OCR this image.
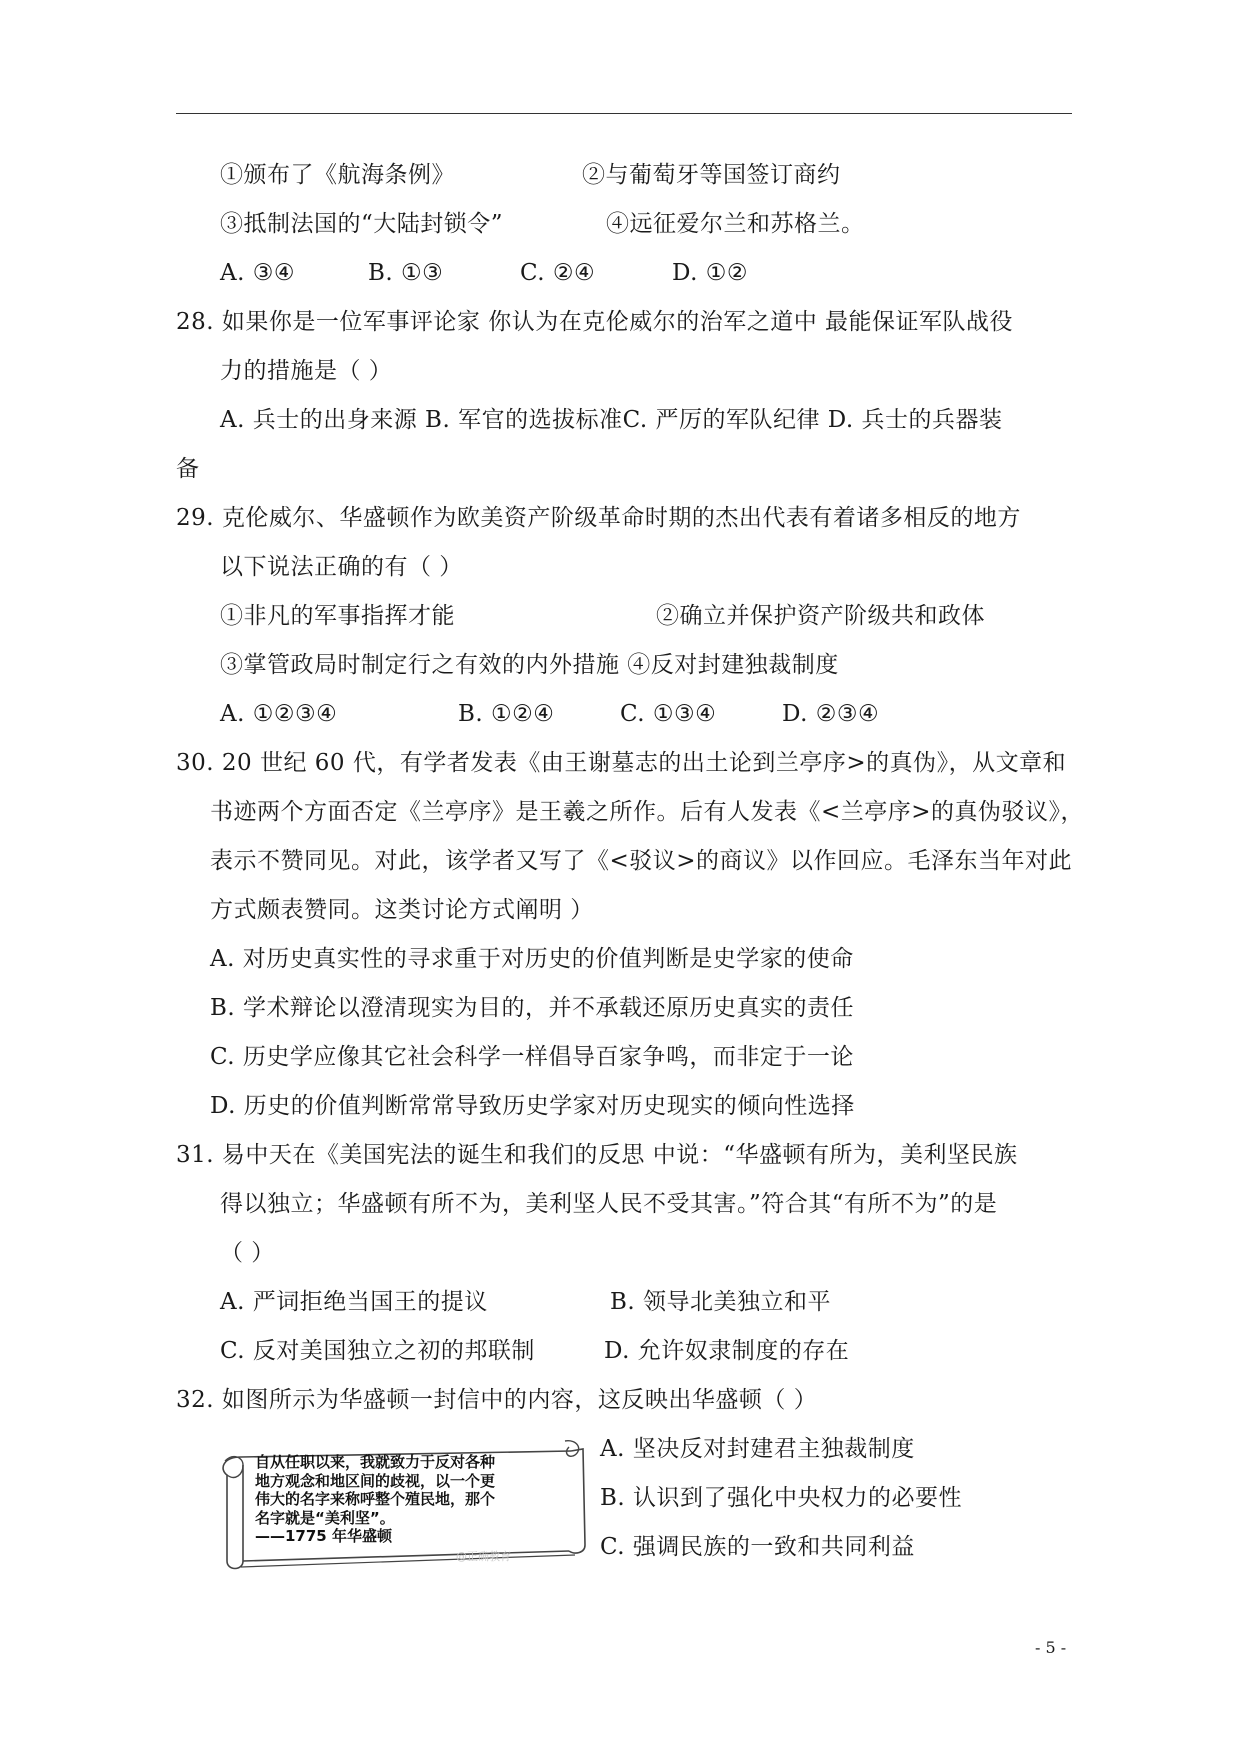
①颁布了《航海条例》	②与葡萄牙等国签订商约
③抵制法国的“大陆封锁令”	④远征爱尔兰和苏格兰。
A. ③④	B. ①③	C. ②④	D. ①②
28. 如果你是一位军事评论家 你认为在克伦威尔的治军之道中 最能保证军队战役
力的措施是（ ）
A. 兵士的出身来源 B. 军官的选拔标准C. 严厉的军队纪律 D. 兵士的兵器装
备
29. 克伦威尔、华盛顿作为欧美资产阶级革命时期的杰出代表有着诸多相反的地方
以下说法正确的有（ ）
①非凡的军事指挥才能	②确立并保护资产阶级共和政体
③掌管政局时制定行之有效的内外措施 ④反对封建独裁制度
A. ①②③④	B. ①②④	C. ①③④	D. ②③④
30. 20 世纪 60 代，有学者发表《由王谢墓志的出土论到兰亭序>的真伪》，从文章和
书迹两个方面否定《兰亭序》是王羲之所作。后有人发表《<兰亭序>的真伪驳议》，
表示不赞同见。对此，该学者又写了《<驳议>的商议》以作回应。毛泽东当年对此
方式颇表赞同。这类讨论方式阐明 ）
A. 对历史真实性的寻求重于对历史的价值判断是史学家的使命
B. 学术辩论以澄清现实为目的，并不承载还原历史真实的责任
C. 历史学应像其它社会科学一样倡导百家争鸣，而非定于一论
D. 历史的价值判断常常导致历史学家对历史现实的倾向性选择
31. 易中天在《美国宪法的诞生和我们的反思 中说：“华盛顿有所为，美利坚民族
得以独立；华盛顿有所不为，美利坚人民不受其害。”符合其“有所不为”的是
（ ）
A. 严词拒绝当国王的提议	B. 领导北美独立和平
C. 反对美国独立之初的邦联制	D. 允许奴隶制度的存在
32. 如图所示为华盛顿一封信中的内容，这反映出华盛顿（ ）
自从任职以来，我就致力于反对各种
地方观念和地区间的歧视，以一个更
伟大的名字来称呼整个殖民地，那个
名字就是“美利坚”。
——1775 年华盛顿
@正确教育
A. 坚决反对封建君主独裁制度
B. 认识到了强化中央权力的必要性
C. 强调民族的一致和共同利益
- 5 -
